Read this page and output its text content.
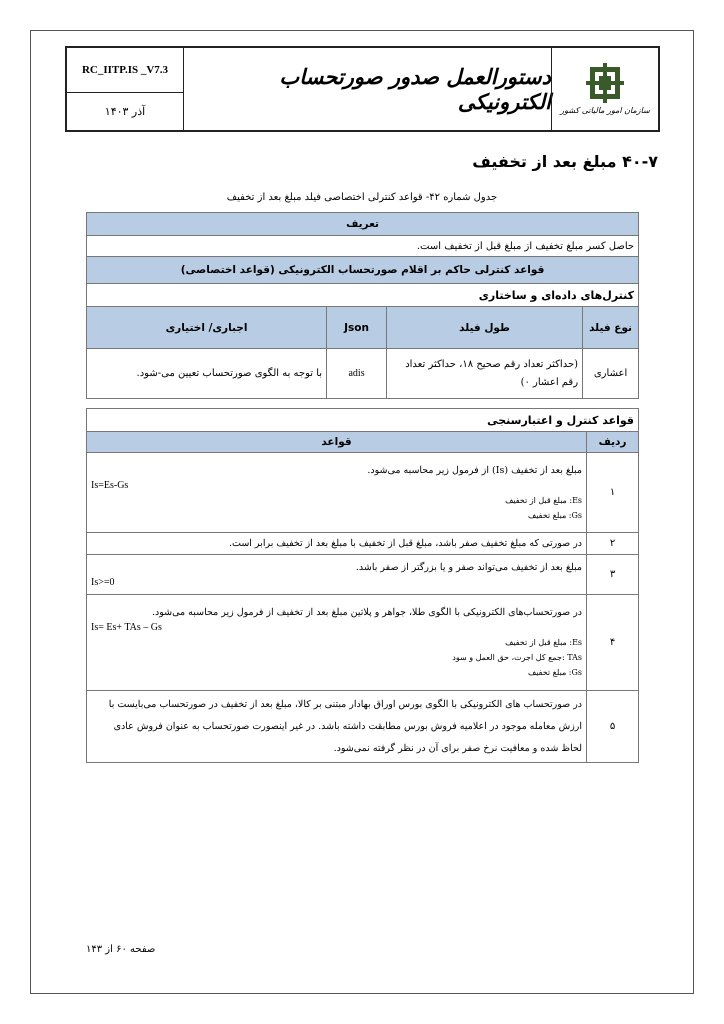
RC_IITP.IS _V7.3
آذر ۱۴۰۳
دستورالعمل صدور صورتحساب الکترونیکی سازمان امور مالیاتی کشور
۴۰-۷ مبلغ بعد از تخفیف
جدول شماره ۴۲- قواعد کنترلی اختصاصی فیلد مبلغ بعد از تخفیف
تعریف			
حاصل کسر مبلغ تخفیف از مبلغ قبل از تخفیف است.			
قواعد کنترلی حاکم بر اقلام صورتحساب الکترونیکی (قواعد اختصاصی)			
کنترل‌های داده‌ای و ساختاری			
نوع فیلد	طول فیلد	Json	اجباری/ اختیاری
اعشاری	(حداکثر تعداد رقم صحیح ۱۸، حداکثر تعداد رقم اعشار ۰)	adis	با توجه به الگوی صورتحساب تعیین می-شود.
قواعد کنترل و اعتبارسنجی	
ردیف	قواعد
۱	مبلغ بعد از تخفیف (Is) از فرمول زیر محاسبه می‌شود.
Is=Es-Gs
Es: مبلغ قبل از تخفیف
Gs: مبلغ تخفیف

۲	در صورتی که مبلغ تخفیف صفر باشد، مبلغ قبل از تخفیف با مبلغ بعد از تخفیف برابر است.
۳	مبلغ بعد از تخفیف می‌تواند صفر و یا بزرگتر از صفر باشد.
Is>=0

۴	در صورتحساب‌های الکترونیکی با الگوی طلا، جواهر و پلاتین مبلغ بعد از تخفیف از فرمول زیر محاسبه می‌شود.
Is= Es+ TAs – Gs
Es: مبلغ قبل از تخفیف
TAs :جمع کل اجرت، حق العمل و سود
Gs: مبلغ تخفیف

۵	در صورتحساب های الکترونیکی با الگوی بورس اوراق بهادار مبتنی بر کالا، مبلغ بعد از تخفیف در صورتحساب می‌بایست با ارزش معامله موجود در اعلامیه فروش بورس مطابقت داشته باشد. در غیر اینصورت صورتحساب به عنوان فروش عادی لحاظ شده و معافیت نرخ صفر برای آن در نظر گرفته نمی‌شود.
صفحه ۶۰ از ۱۴۳
